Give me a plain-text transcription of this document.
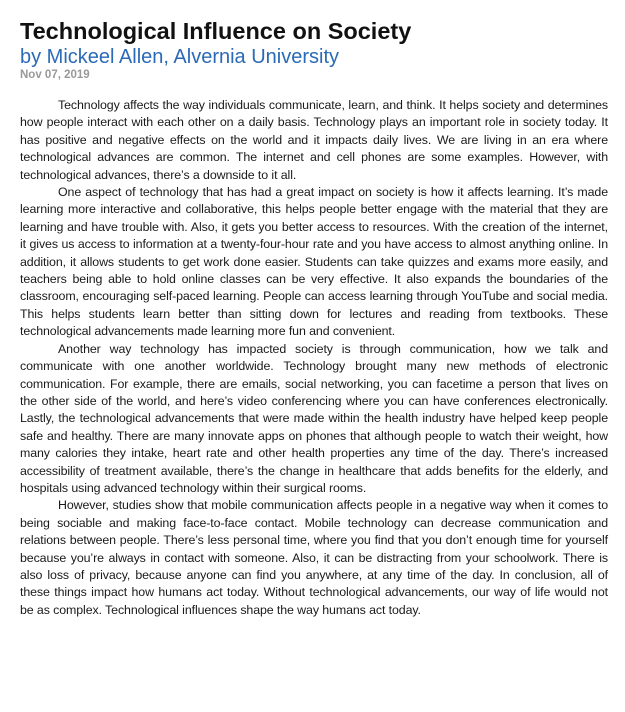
Technological Influence on Society
by Mickeel Allen, Alvernia University
Nov 07, 2019

Technology affects the way individuals communicate, learn, and think. It helps society and determines how people interact with each other on a daily basis. Technology plays an important role in society today. It has positive and negative effects on the world and it impacts daily lives. We are living in an era where technological advances are common. The internet and cell phones are some examples. However, with technological advances, there’s a downside to it all.

One aspect of technology that has had a great impact on society is how it affects learning. It’s made learning more interactive and collaborative, this helps people better engage with the material that they are learning and have trouble with. Also, it gets you better access to resources. With the creation of the internet, it gives us access to information at a twenty-four-hour rate and you have access to almost anything online. In addition, it allows students to get work done easier. Students can take quizzes and exams more easily, and teachers being able to hold online classes can be very effective. It also expands the boundaries of the classroom, encouraging self-paced learning. People can access learning through YouTube and social media. This helps students learn better than sitting down for lectures and reading from textbooks. These technological advancements made learning more fun and convenient.

Another way technology has impacted society is through communication, how we talk and communicate with one another worldwide. Technology brought many new methods of electronic communication. For example, there are emails, social networking, you can facetime a person that lives on the other side of the world, and here’s video conferencing where you can have conferences electronically. Lastly, the technological advancements that were made within the health industry have helped keep people safe and healthy. There are many innovate apps on phones that although people to watch their weight, how many calories they intake, heart rate and other health properties any time of the day. There’s increased accessibility of treatment available, there’s the change in healthcare that adds benefits for the elderly, and hospitals using advanced technology within their surgical rooms.

However, studies show that mobile communication affects people in a negative way when it comes to being sociable and making face-to-face contact. Mobile technology can decrease communication and relations between people. There’s less personal time, where you find that you don’t enough time for yourself because you’re always in contact with someone. Also, it can be distracting from your schoolwork. There is also loss of privacy, because anyone can find you anywhere, at any time of the day. In conclusion, all of these things impact how humans act today. Without technological advancements, our way of life would not be as complex. Technological influences shape the way humans act today.
